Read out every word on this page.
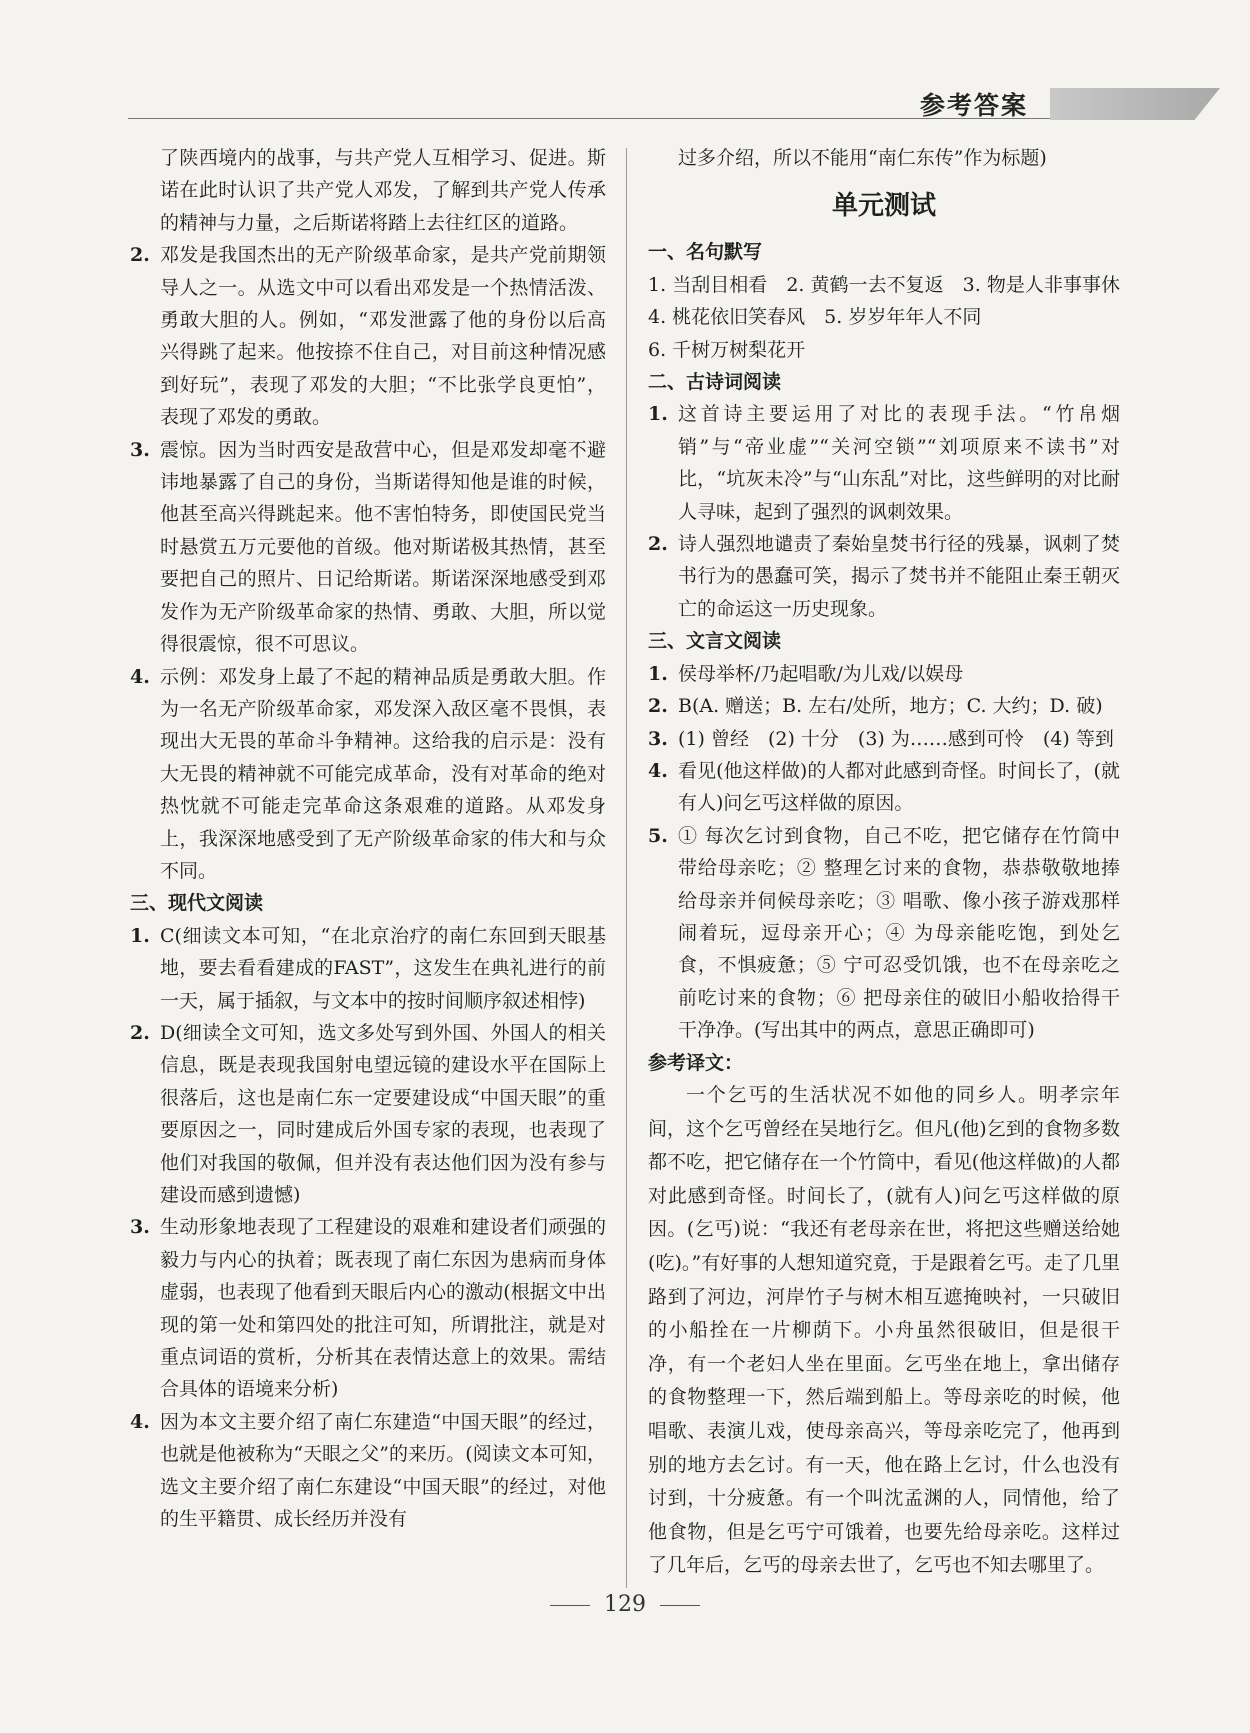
参考答案

了陕西境内的战事，与共产党人互相学习、促进。斯诺在此时认识了共产党人邓发，了解到共产党人传承的精神与力量，之后斯诺将踏上去往红区的道路。

2. 邓发是我国杰出的无产阶级革命家，是共产党前期领导人之一。从选文中可以看出邓发是一个热情活泼、勇敢大胆的人。例如，“邓发泄露了他的身份以后高兴得跳了起来。他按捺不住自己，对目前这种情况感到好玩”，表现了邓发的大胆；“不比张学良更怕”，表现了邓发的勇敢。
3. 震惊。因为当时西安是敌营中心，但是邓发却毫不避讳地暴露了自己的身份，当斯诺得知他是谁的时候，他甚至高兴得跳起来。他不害怕特务，即使国民党当时悬赏五万元要他的首级。他对斯诺极其热情，甚至要把自己的照片、日记给斯诺。斯诺深深地感受到邓发作为无产阶级革命家的热情、勇敢、大胆，所以觉得很震惊，很不可思议。
4. 示例：邓发身上最了不起的精神品质是勇敢大胆。作为一名无产阶级革命家，邓发深入敌区毫不畏惧，表现出大无畏的革命斗争精神。这给我的启示是：没有大无畏的精神就不可能完成革命，没有对革命的绝对热忱就不可能走完革命这条艰难的道路。从邓发身上，我深深地感受到了无产阶级革命家的伟大和与众不同。
三、现代文阅读
1. C(细读文本可知，“在北京治疗的南仁东回到天眼基地，要去看看建成的FAST”，这发生在典礼进行的前一天，属于插叙，与文本中的按时间顺序叙述相悖)
2. D(细读全文可知，选文多处写到外国、外国人的相关信息，既是表现我国射电望远镜的建设水平在国际上很落后，这也是南仁东一定要建设成“中国天眼”的重要原因之一，同时建成后外国专家的表现，也表现了他们对我国的敬佩，但并没有表达他们因为没有参与建设而感到遗憾)
3. 生动形象地表现了工程建设的艰难和建设者们顽强的毅力与内心的执着；既表现了南仁东因为患病而身体虚弱，也表现了他看到天眼后内心的激动(根据文中出现的第一处和第四处的批注可知，所谓批注，就是对重点词语的赏析，分析其在表情达意上的效果。需结合具体的语境来分析)
4. 因为本文主要介绍了南仁东建造“中国天眼”的经过，也就是他被称为“天眼之父”的来历。(阅读文本可知，选文主要介绍了南仁东建设“中国天眼”的经过，对他的生平籍贯、成长经历并没有

过多介绍，所以不能用“南仁东传”作为标题)

单元测试
一、名句默写

1. 当刮目相看　2. 黄鹤一去不复返　3. 物是人非事事休　4. 桃花依旧笑春风　5. 岁岁年年人不同

6. 千树万树梨花开

二、古诗词阅读
1. 这首诗主要运用了对比的表现手法。“竹帛烟销”与“帝业虚”“关河空锁”“刘项原来不读书”对比，“坑灰未冷”与“山东乱”对比，这些鲜明的对比耐人寻味，起到了强烈的讽刺效果。
2. 诗人强烈地谴责了秦始皇焚书行径的残暴，讽刺了焚书行为的愚蠢可笑，揭示了焚书并不能阻止秦王朝灭亡的命运这一历史现象。
三、文言文阅读
1. 侯母举杯/乃起唱歌/为儿戏/以娱母
2. B(A. 赠送；B. 左右/处所，地方；C. 大约；D. 破)
3. (1) 曾经　(2) 十分　(3) 为……感到可怜　(4) 等到
4. 看见(他这样做)的人都对此感到奇怪。时间长了，(就有人)问乞丐这样做的原因。
5. ① 每次乞讨到食物，自己不吃，把它储存在竹筒中带给母亲吃；② 整理乞讨来的食物，恭恭敬敬地捧给母亲并伺候母亲吃；③ 唱歌、像小孩子游戏那样闹着玩，逗母亲开心；④ 为母亲能吃饱，到处乞食，不惧疲惫；⑤ 宁可忍受饥饿，也不在母亲吃之前吃讨来的食物；⑥ 把母亲住的破旧小船收拾得干干净净。(写出其中的两点，意思正确即可)
参考译文：

一个乞丐的生活状况不如他的同乡人。明孝宗年间，这个乞丐曾经在吴地行乞。但凡(他)乞到的食物多数都不吃，把它储存在一个竹筒中，看见(他这样做)的人都对此感到奇怪。时间长了，(就有人)问乞丐这样做的原因。(乞丐)说：“我还有老母亲在世，将把这些赠送给她(吃)。”有好事的人想知道究竟，于是跟着乞丐。走了几里路到了河边，河岸竹子与树木相互遮掩映衬，一只破旧的小船拴在一片柳荫下。小舟虽然很破旧，但是很干净，有一个老妇人坐在里面。乞丐坐在地上，拿出储存的食物整理一下，然后端到船上。等母亲吃的时候，他唱歌、表演儿戏，使母亲高兴，等母亲吃完了，他再到别的地方去乞讨。有一天，他在路上乞讨，什么也没有讨到，十分疲惫。有一个叫沈孟渊的人，同情他，给了他食物，但是乞丐宁可饿着，也要先给母亲吃。这样过了几年后，乞丐的母亲去世了，乞丐也不知去哪里了。

129
